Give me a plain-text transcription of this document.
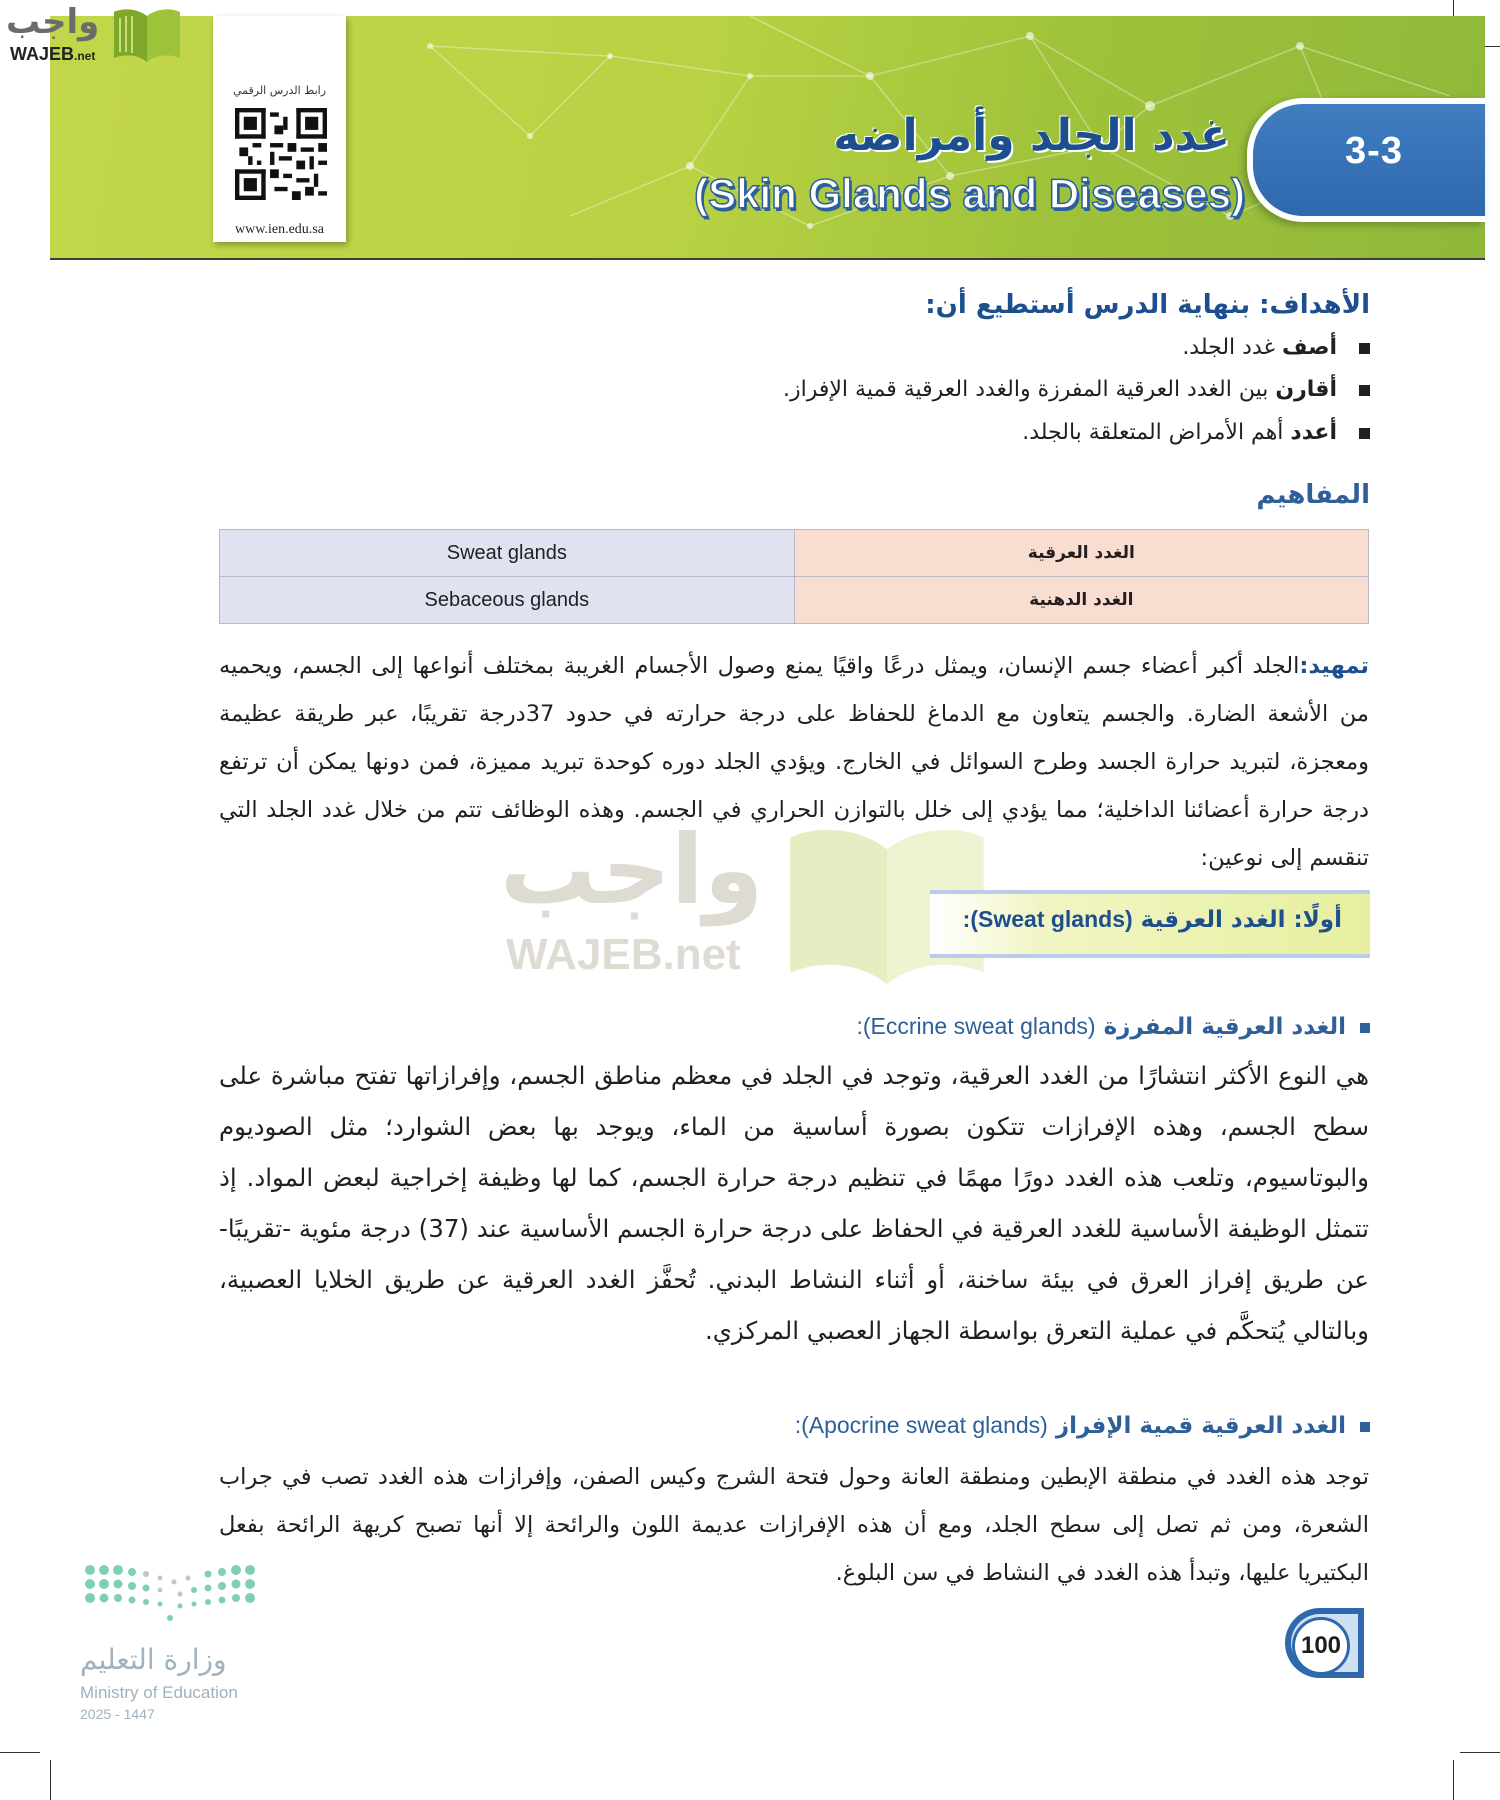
رابط الدرس الرقمي
www.ien.edu.sa
غدد الجلد وأمراضه
(Skin Glands and Diseases)
3-3
واجب
WAJEB.net
الأهداف: بنهاية الدرس أستطيع أن:
أصف غدد الجلد.
أقارن بين الغدد العرقية المفرزة والغدد العرقية قمية الإفراز.
أعدد أهم الأمراض المتعلقة بالجلد.
المفاهيم
Sweat glands	الغدد العرقية
Sebaceous glands	الغدد الدهنية
واجب
WAJEB.net
تمهيد:الجلد أكبر أعضاء جسم الإنسان، ويمثل درعًا واقيًا يمنع وصول الأجسام الغريبة بمختلف أنواعها إلى الجسم، ويحميه من الأشعة الضارة. والجسم يتعاون مع الدماغ للحفاظ على درجة حرارته في حدود 37درجة تقريبًا، عبر طريقة عظيمة ومعجزة، لتبريد حرارة الجسد وطرح السوائل في الخارج. ويؤدي الجلد دوره كوحدة تبريد مميزة، فمن دونها يمكن أن ترتفع درجة حرارة أعضائنا الداخلية؛ مما يؤدي إلى خلل بالتوازن الحراري في الجسم. وهذه الوظائف تتم من خلال غدد الجلد التي تنقسم إلى نوعين:
أولًا: الغدد العرقية (Sweat glands):
الغدد العرقية المفرزة (Eccrine sweat glands):
هي النوع الأكثر انتشارًا من الغدد العرقية، وتوجد في الجلد في معظم مناطق الجسم، وإفرازاتها تفتح مباشرة على سطح الجسم، وهذه الإفرازات تتكون بصورة أساسية من الماء، ويوجد بها بعض الشوارد؛ مثل الصوديوم والبوتاسيوم، وتلعب هذه الغدد دورًا مهمًا في تنظيم درجة حرارة الجسم، كما لها وظيفة إخراجية لبعض المواد. إذ تتمثل الوظيفة الأساسية للغدد العرقية في الحفاظ على درجة حرارة الجسم الأساسية عند (37) درجة مئوية -تقريبًا- عن طريق إفراز العرق في بيئة ساخنة، أو أثناء النشاط البدني. تُحفَّز الغدد العرقية عن طريق الخلايا العصبية، وبالتالي يُتحكَّم في عملية التعرق بواسطة الجهاز العصبي المركزي.
الغدد العرقية قمية الإفراز (Apocrine sweat glands):
توجد هذه الغدد في منطقة الإبطين ومنطقة العانة وحول فتحة الشرج وكيس الصفن، وإفرازات هذه الغدد تصب في جراب الشعرة، ومن ثم تصل إلى سطح الجلد، ومع أن هذه الإفرازات عديمة اللون والرائحة إلا أنها تصبح كريهة الرائحة بفعل البكتيريا عليها، وتبدأ هذه الغدد في النشاط في سن البلوغ.
وزارة التعليم
Ministry of Education
2025 - 1447
100
